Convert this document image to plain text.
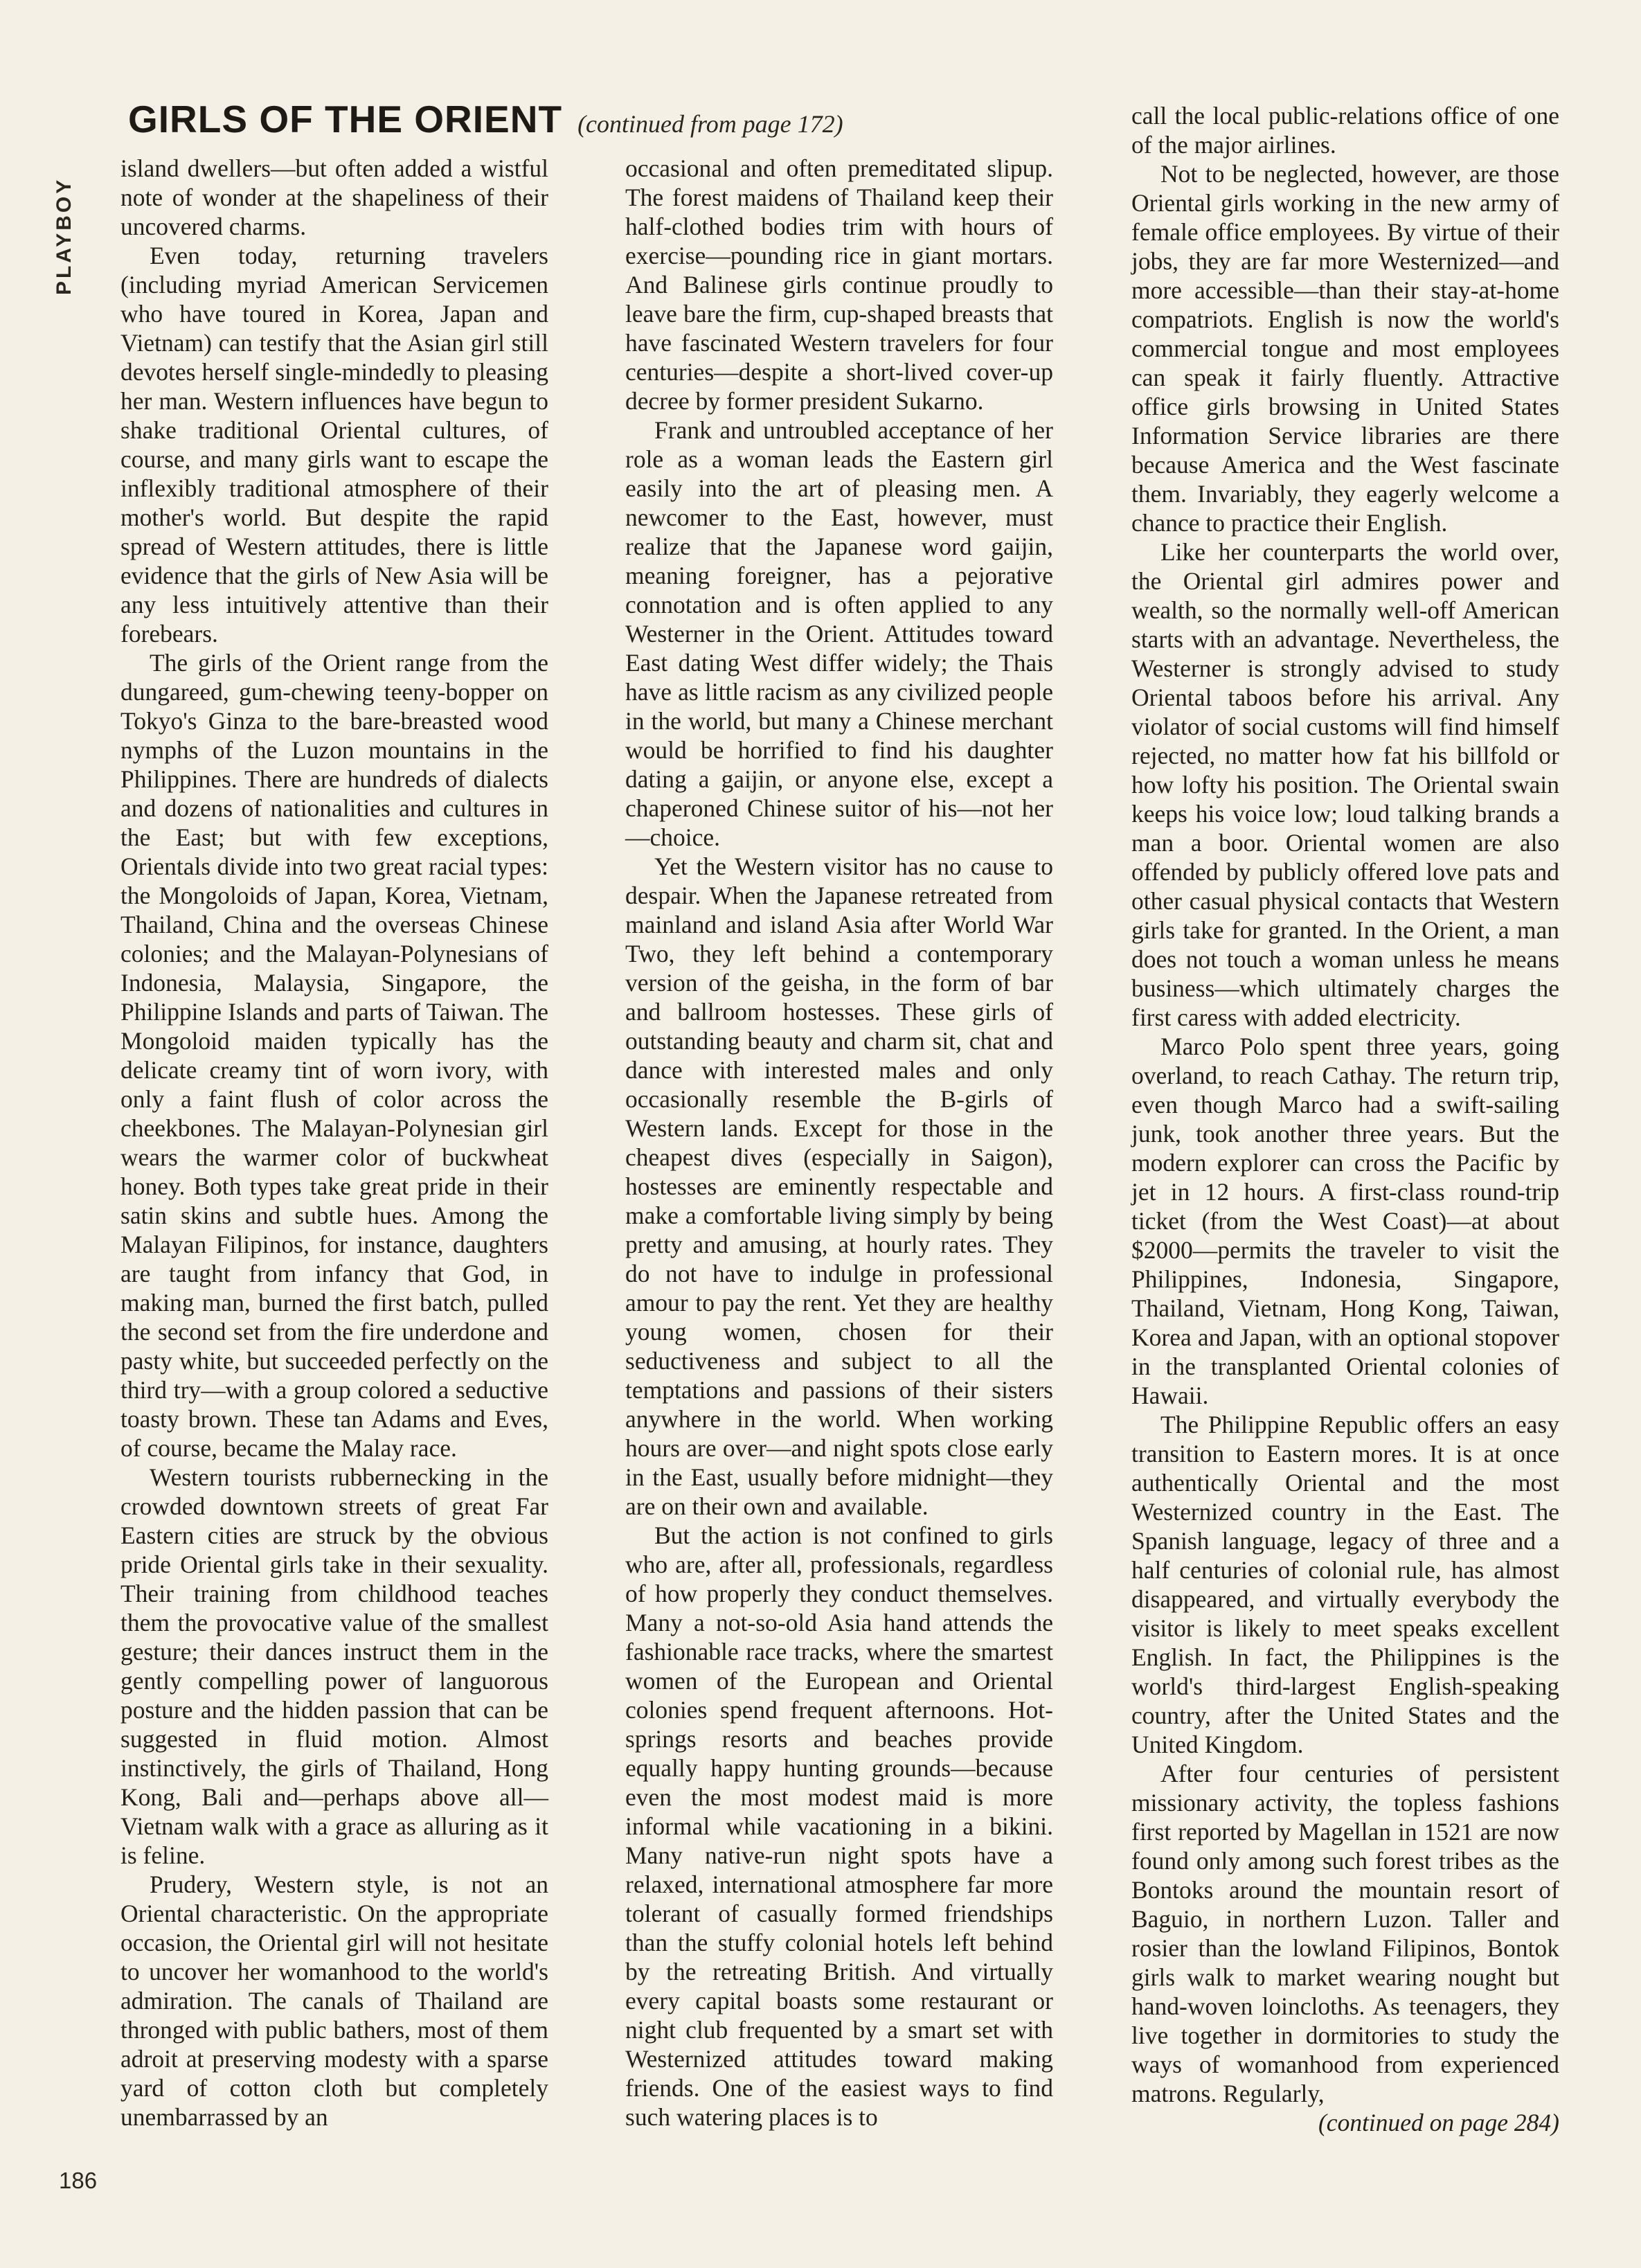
PLAYBOY
GIRLS OF THE ORIENT (continued from page 172)

island dwellers—but often added a wistful note of wonder at the shapeliness of their uncovered charms.

Even today, returning travelers (including myriad American Servicemen who have toured in Korea, Japan and Vietnam) can testify that the Asian girl still devotes herself single-mindedly to pleasing her man. Western influences have begun to shake traditional Oriental cultures, of course, and many girls want to escape the inflexibly traditional atmosphere of their mother's world. But despite the rapid spread of Western attitudes, there is little evidence that the girls of New Asia will be any less intuitively attentive than their forebears.

The girls of the Orient range from the dungareed, gum-chewing teeny-bopper on Tokyo's Ginza to the bare-breasted wood nymphs of the Luzon mountains in the Philippines. There are hundreds of dialects and dozens of nationalities and cultures in the East; but with few exceptions, Orientals divide into two great racial types: the Mongoloids of Japan, Korea, Vietnam, Thailand, China and the overseas Chinese colonies; and the Malayan-Polynesians of Indonesia, Malaysia, Singapore, the Philippine Islands and parts of Taiwan. The Mongoloid maiden typically has the delicate creamy tint of worn ivory, with only a faint flush of color across the cheekbones. The Malayan-Polynesian girl wears the warmer color of buckwheat honey. Both types take great pride in their satin skins and subtle hues. Among the Malayan Filipinos, for instance, daughters are taught from infancy that God, in making man, burned the first batch, pulled the second set from the fire underdone and pasty white, but succeeded perfectly on the third try—with a group colored a seductive toasty brown. These tan Adams and Eves, of course, became the Malay race.

Western tourists rubbernecking in the crowded downtown streets of great Far Eastern cities are struck by the obvious pride Oriental girls take in their sexuality. Their training from childhood teaches them the provocative value of the smallest gesture; their dances instruct them in the gently compelling power of languorous posture and the hidden passion that can be suggested in fluid motion. Almost instinctively, the girls of Thailand, Hong Kong, Bali and—perhaps above all—Vietnam walk with a grace as alluring as it is feline.

Prudery, Western style, is not an Oriental characteristic. On the appropriate occasion, the Oriental girl will not hesitate to uncover her womanhood to the world's admiration. The canals of Thailand are thronged with public bathers, most of them adroit at preserving modesty with a sparse yard of cotton cloth but completely unembarrassed by an

occasional and often premeditated slipup. The forest maidens of Thailand keep their half-clothed bodies trim with hours of exercise—pounding rice in giant mortars. And Balinese girls continue proudly to leave bare the firm, cup-shaped breasts that have fascinated Western travelers for four centuries—despite a short-lived cover-up decree by former president Sukarno.

Frank and untroubled acceptance of her role as a woman leads the Eastern girl easily into the art of pleasing men. A newcomer to the East, however, must realize that the Japanese word gaijin, meaning foreigner, has a pejorative connotation and is often applied to any Westerner in the Orient. Attitudes toward East dating West differ widely; the Thais have as little racism as any civilized people in the world, but many a Chinese merchant would be horrified to find his daughter dating a gaijin, or anyone else, except a chaperoned Chinese suitor of his—not her—choice.

Yet the Western visitor has no cause to despair. When the Japanese retreated from mainland and island Asia after World War Two, they left behind a contemporary version of the geisha, in the form of bar and ballroom hostesses. These girls of outstanding beauty and charm sit, chat and dance with interested males and only occasionally resemble the B-girls of Western lands. Except for those in the cheapest dives (especially in Saigon), hostesses are eminently respectable and make a comfortable living simply by being pretty and amusing, at hourly rates. They do not have to indulge in professional amour to pay the rent. Yet they are healthy young women, chosen for their seductiveness and subject to all the temptations and passions of their sisters anywhere in the world. When working hours are over—and night spots close early in the East, usually before midnight—they are on their own and available.

But the action is not confined to girls who are, after all, professionals, regardless of how properly they conduct themselves. Many a not-so-old Asia hand attends the fashionable race tracks, where the smartest women of the European and Oriental colonies spend frequent afternoons. Hot-springs resorts and beaches provide equally happy hunting grounds—because even the most modest maid is more informal while vacationing in a bikini. Many native-run night spots have a relaxed, international atmosphere far more tolerant of casually formed friendships than the stuffy colonial hotels left behind by the retreating British. And virtually every capital boasts some restaurant or night club frequented by a smart set with Westernized attitudes toward making friends. One of the easiest ways to find such watering places is to

call the local public-relations office of one of the major airlines.

Not to be neglected, however, are those Oriental girls working in the new army of female office employees. By virtue of their jobs, they are far more Westernized—and more accessible—than their stay-at-home compatriots. English is now the world's commercial tongue and most employees can speak it fairly fluently. Attractive office girls browsing in United States Information Service libraries are there because America and the West fascinate them. Invariably, they eagerly welcome a chance to practice their English.

Like her counterparts the world over, the Oriental girl admires power and wealth, so the normally well-off American starts with an advantage. Nevertheless, the Westerner is strongly advised to study Oriental taboos before his arrival. Any violator of social customs will find himself rejected, no matter how fat his billfold or how lofty his position. The Oriental swain keeps his voice low; loud talking brands a man a boor. Oriental women are also offended by publicly offered love pats and other casual physical contacts that Western girls take for granted. In the Orient, a man does not touch a woman unless he means business—which ultimately charges the first caress with added electricity.

Marco Polo spent three years, going overland, to reach Cathay. The return trip, even though Marco had a swift-sailing junk, took another three years. But the modern explorer can cross the Pacific by jet in 12 hours. A first-class round-trip ticket (from the West Coast)—at about $2000—permits the traveler to visit the Philippines, Indonesia, Singapore, Thailand, Vietnam, Hong Kong, Taiwan, Korea and Japan, with an optional stopover in the transplanted Oriental colonies of Hawaii.

The Philippine Republic offers an easy transition to Eastern mores. It is at once authentically Oriental and the most Westernized country in the East. The Spanish language, legacy of three and a half centuries of colonial rule, has almost disappeared, and virtually everybody the visitor is likely to meet speaks excellent English. In fact, the Philippines is the world's third-largest English-speaking country, after the United States and the United Kingdom.

After four centuries of persistent missionary activity, the topless fashions first reported by Magellan in 1521 are now found only among such forest tribes as the Bontoks around the mountain resort of Baguio, in northern Luzon. Taller and rosier than the lowland Filipinos, Bontok girls walk to market wearing nought but hand-woven loincloths. As teenagers, they live together in dormitories to study the ways of womanhood from experienced matrons. Regularly,

(continued on page 284)

186
